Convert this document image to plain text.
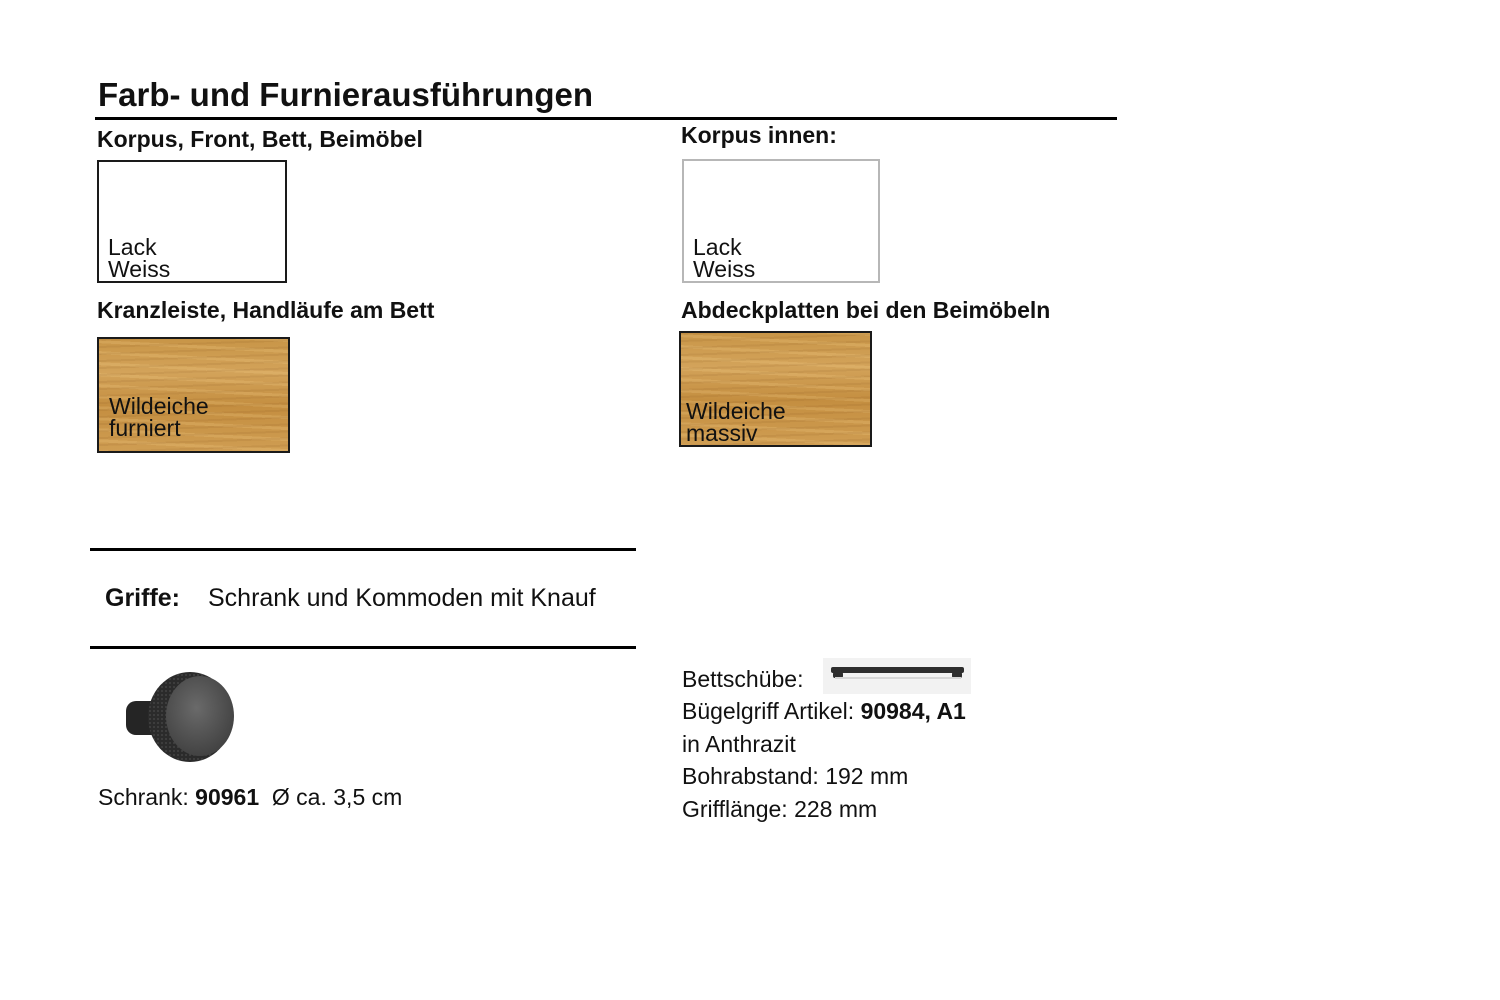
Farb- und Furnierausführungen
Korpus, Front, Bett, Beimöbel
Lack
Weiss
Korpus innen:
Lack
Weiss
Kranzleiste, Handläufe am Bett
Wildeiche
furniert
Abdeckplatten bei den Beimöbeln
Wildeiche
massiv
Griffe: Schrank und Kommoden mit Knauf
Schrank: 90961 Ø ca. 3,5 cm
Bettschübe:
Bügelgriff Artikel: 90984, A1
in Anthrazit
Bohrabstand: 192 mm
Grifflänge: 228 mm
